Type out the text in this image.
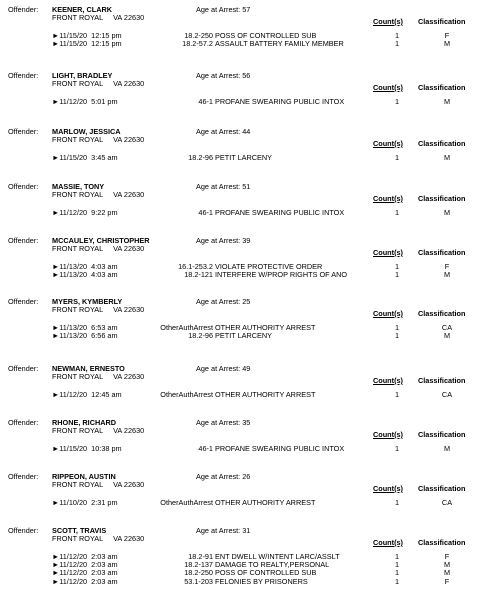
Offender: KEENER, CLARK	Age at Arrest: 57
FRONT ROYAL VA 22630	Count(s) Classification
►11/15/20 12:15 pm	18.2-250 POSS OF CONTROLLED SUB	1	F
►11/15/20 12:15 pm	18.2-57.2 ASSAULT BATTERY FAMILY MEMBER	1	M
Offender: LIGHT, BRADLEY	Age at Arrest: 56
FRONT ROYAL VA 22630	Count(s) Classification
►11/12/20 5:01 pm	46-1 PROFANE SWEARING PUBLIC INTOX	1	M
Offender: MARLOW, JESSICA	Age at Arrest: 44
FRONT ROYAL VA 22630	Count(s) Classification
►11/15/20 3:45 am	18.2-96 PETIT LARCENY	1	M
Offender: MASSIE, TONY	Age at Arrest: 51
FRONT ROYAL VA 22630	Count(s) Classification
►11/12/20 9:22 pm	46-1 PROFANE SWEARING PUBLIC INTOX	1	M
Offender: MCCAULEY, CHRISTOPHER	Age at Arrest: 39
FRONT ROYAL VA 22630	Count(s) Classification
►11/13/20 4:03 am	16.1-253.2 VIOLATE PROTECTIVE ORDER	1	F
►11/13/20 4:03 am	18.2-121 INTERFERE W/PROP RIGHTS OF ANO	1	M
Offender: MYERS, KYMBERLY	Age at Arrest: 25
FRONT ROYAL VA 22630	Count(s) Classification
►11/13/20 6:53 am	OtherAuthArrest OTHER AUTHORITY ARREST	1	CA
►11/13/20 6:56 am	18.2-96 PETIT LARCENY	1	M
Offender: NEWMAN, ERNESTO	Age at Arrest: 49
FRONT ROYAL VA 22630	Count(s) Classification
►11/12/20 12:45 am	OtherAuthArrest OTHER AUTHORITY ARREST	1	CA
Offender: RHONE, RICHARD	Age at Arrest: 35
FRONT ROYAL VA 22630	Count(s) Classification
►11/15/20 10:38 pm	46-1 PROFANE SWEARING PUBLIC INTOX	1	M
Offender: RIPPEON, AUSTIN	Age at Arrest: 26
FRONT ROYAL VA 22630	Count(s) Classification
►11/10/20 2:31 pm	OtherAuthArrest OTHER AUTHORITY ARREST	1	CA
Offender: SCOTT, TRAVIS	Age at Arrest: 31
FRONT ROYAL VA 22630	Count(s) Classification
►11/12/20 2:03 am	18.2-91 ENT DWELL W/INTENT LARC/ASSLT	1	F
►11/12/20 2:03 am	18.2-137 DAMAGE TO REALTY,PERSONAL	1	M
►11/12/20 2:03 am	18.2-250 POSS OF CONTROLLED SUB	1	M
►11/12/20 2:03 am	53.1-203 FELONIES BY PRISONERS	1	F
